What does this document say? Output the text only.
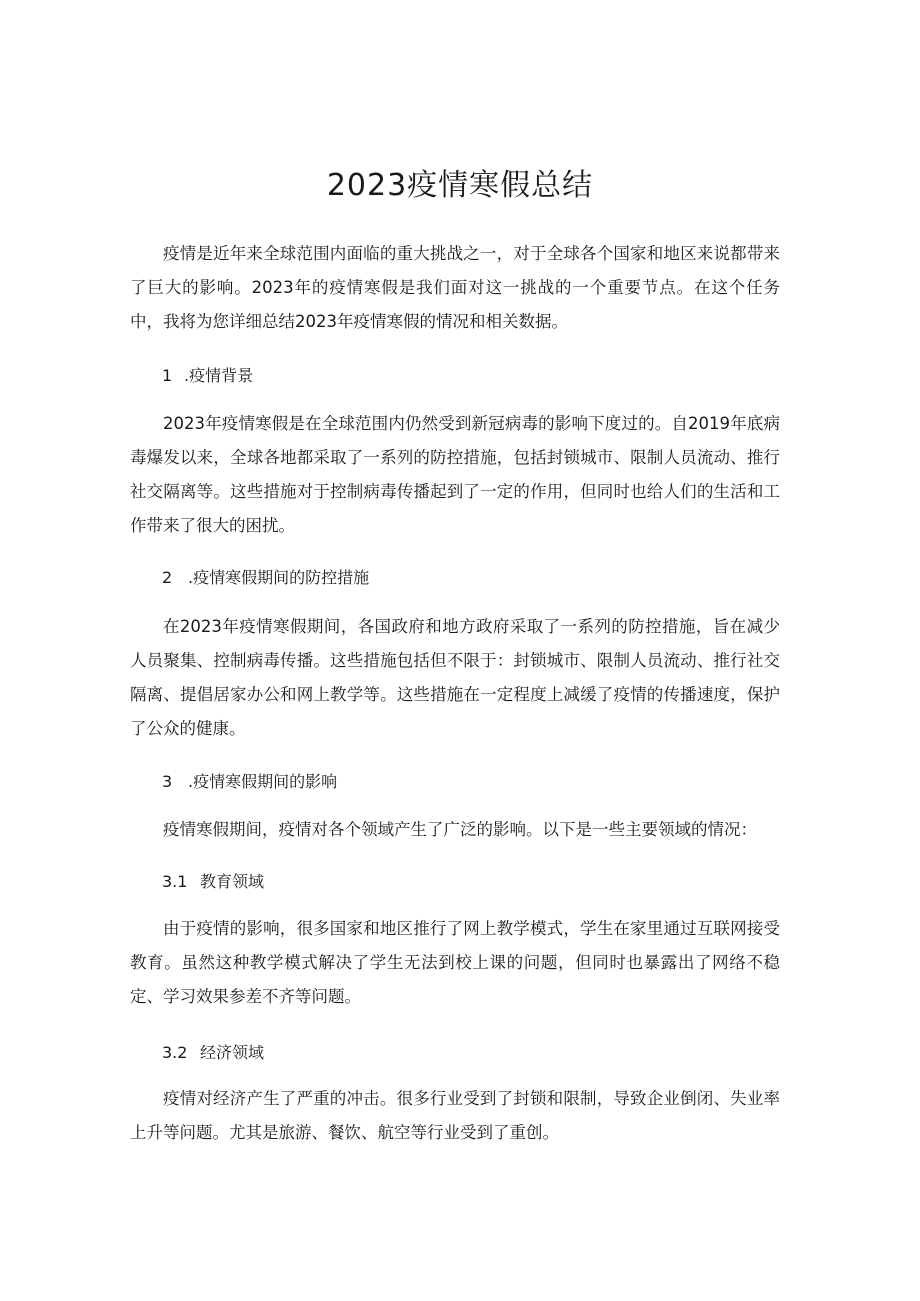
2023疫情寒假总结

疫情是近年来全球范围内面临的重大挑战之一，对于全球各个国家和地区来说都带来了巨大的影响。2023年的疫情寒假是我们面对这一挑战的一个重要节点。在这个任务中，我将为您详细总结2023年疫情寒假的情况和相关数据。

1 .疫情背景

2023年疫情寒假是在全球范围内仍然受到新冠病毒的影响下度过的。自2019年底病毒爆发以来，全球各地都采取了一系列的防控措施，包括封锁城市、限制人员流动、推行社交隔离等。这些措施对于控制病毒传播起到了一定的作用，但同时也给人们的生活和工作带来了很大的困扰。

2 .疫情寒假期间的防控措施

在2023年疫情寒假期间，各国政府和地方政府采取了一系列的防控措施，旨在减少人员聚集、控制病毒传播。这些措施包括但不限于：封锁城市、限制人员流动、推行社交隔离、提倡居家办公和网上教学等。这些措施在一定程度上减缓了疫情的传播速度，保护了公众的健康。

3 .疫情寒假期间的影响

疫情寒假期间，疫情对各个领域产生了广泛的影响。以下是一些主要领域的情况：

3.1 教育领域

由于疫情的影响，很多国家和地区推行了网上教学模式，学生在家里通过互联网接受教育。虽然这种教学模式解决了学生无法到校上课的问题，但同时也暴露出了网络不稳定、学习效果参差不齐等问题。

3.2 经济领域

疫情对经济产生了严重的冲击。很多行业受到了封锁和限制，导致企业倒闭、失业率上升等问题。尤其是旅游、餐饮、航空等行业受到了重创。
